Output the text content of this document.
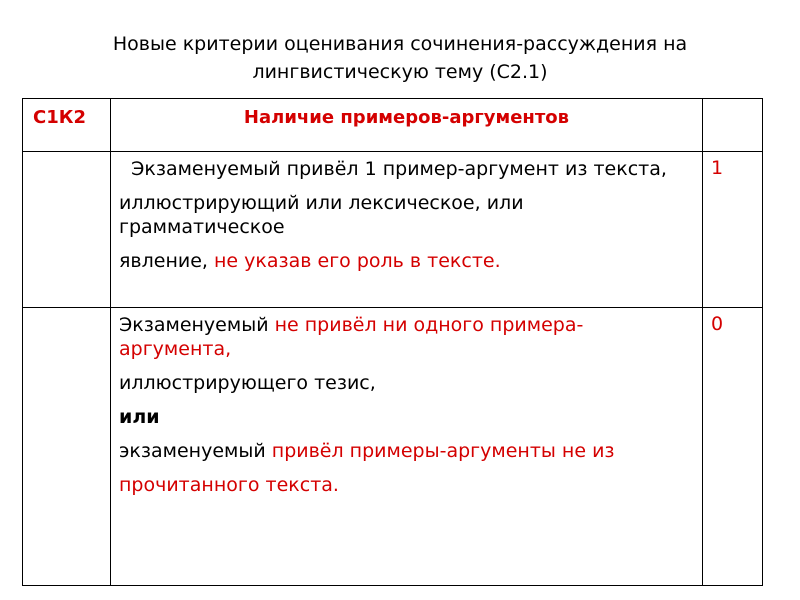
Новые критерии оценивания сочинения-рассуждения на
лингвистическую тему (С2.1)
С1К2	Наличие примеров-аргументов	

	Экзаменуемый привёл 1 пример-аргумент из текста,

иллюстрирующий или лексическое, или грамматическое

явление, не указав его роль в тексте.	1

	Экзаменуемый не привёл ни одного примера-аргумента,

иллюстрирующего тезис,

или

экзаменуемый привёл примеры-аргументы не из

прочитанного текста.	0
